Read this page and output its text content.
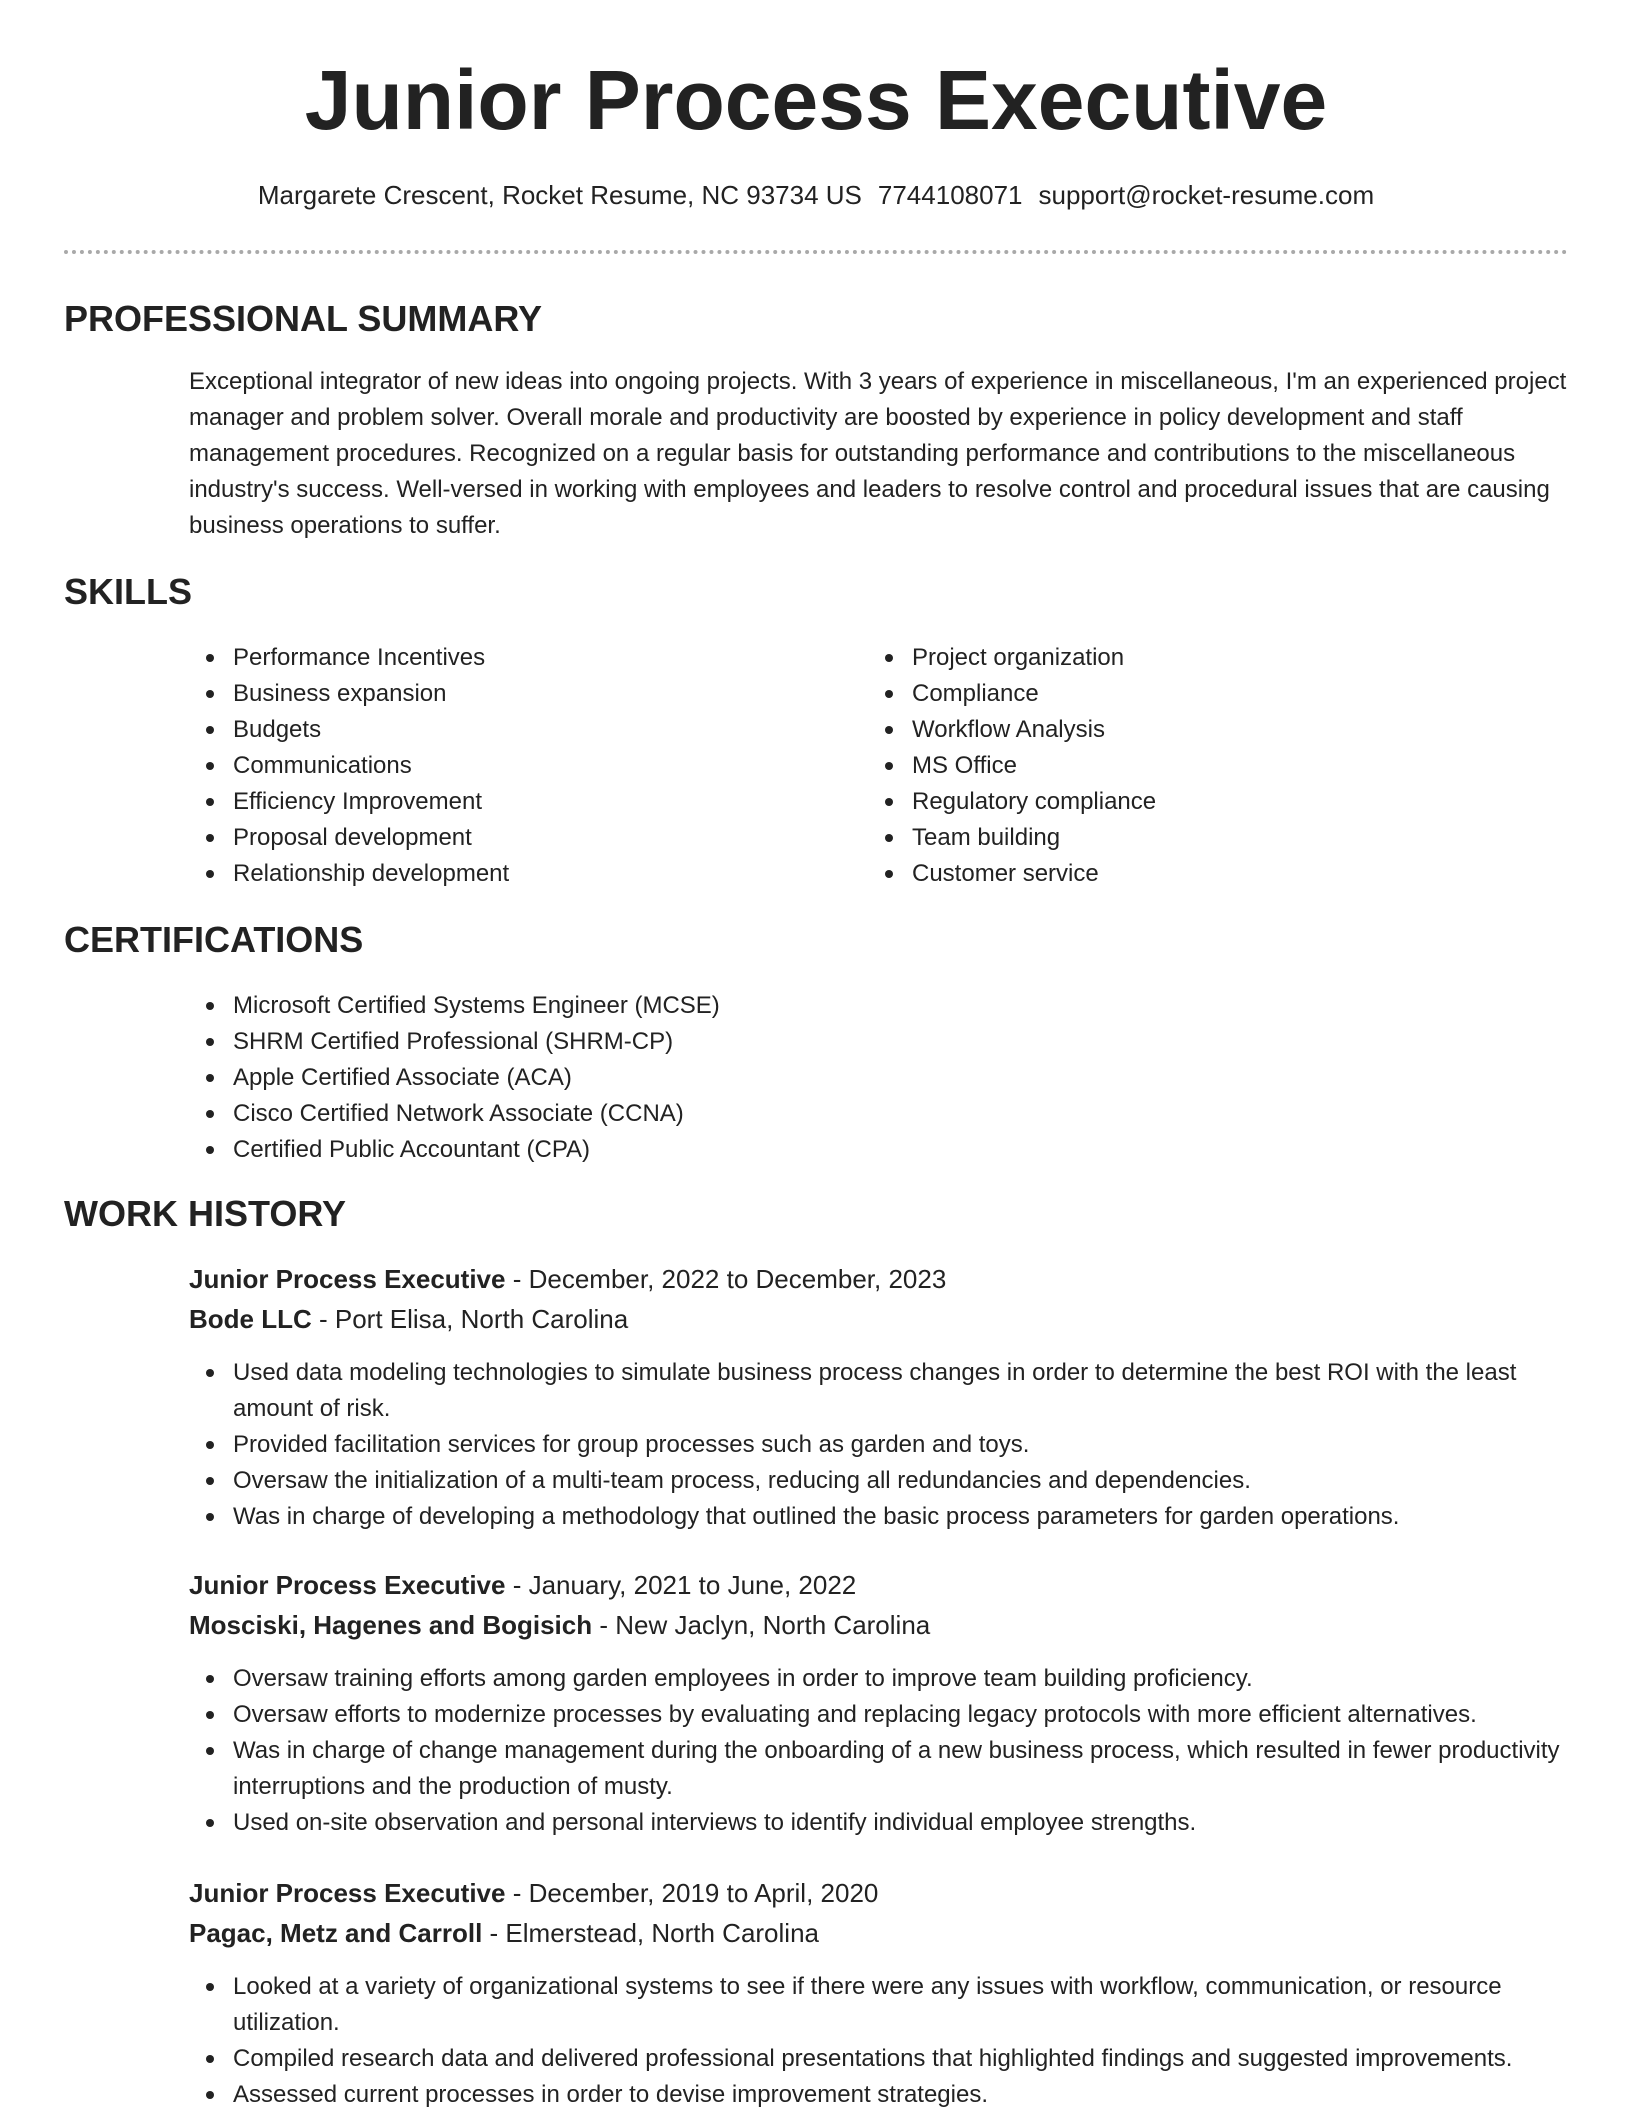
Junior Process Executive
Margarete Crescent, Rocket Resume, NC 93734 US 7744108071 support@rocket-resume.com
PROFESSIONAL SUMMARY

Exceptional integrator of new ideas into ongoing projects. With 3 years of experience in miscellaneous, I'm an experienced project manager and problem solver. Overall morale and productivity are boosted by experience in policy development and staff management procedures. Recognized on a regular basis for outstanding performance and contributions to the miscellaneous industry's success. Well-versed in working with employees and leaders to resolve control and procedural issues that are causing business operations to suffer.

SKILLS
Performance Incentives
Business expansion
Budgets
Communications
Efficiency Improvement
Proposal development
Relationship development
Project organization
Compliance
Workflow Analysis
MS Office
Regulatory compliance
Team building
Customer service
CERTIFICATIONS
Microsoft Certified Systems Engineer (MCSE)
SHRM Certified Professional (SHRM-CP)
Apple Certified Associate (ACA)
Cisco Certified Network Associate (CCNA)
Certified Public Accountant (CPA)
WORK HISTORY
Junior Process Executive - December, 2022 to December, 2023
Bode LLC - Port Elisa, North Carolina
Used data modeling technologies to simulate business process changes in order to determine the best ROI with the least amount of risk.
Provided facilitation services for group processes such as garden and toys.
Oversaw the initialization of a multi-team process, reducing all redundancies and dependencies.
Was in charge of developing a methodology that outlined the basic process parameters for garden operations.
Junior Process Executive - January, 2021 to June, 2022
Mosciski, Hagenes and Bogisich - New Jaclyn, North Carolina
Oversaw training efforts among garden employees in order to improve team building proficiency.
Oversaw efforts to modernize processes by evaluating and replacing legacy protocols with more efficient alternatives.
Was in charge of change management during the onboarding of a new business process, which resulted in fewer productivity interruptions and the production of musty.
Used on-site observation and personal interviews to identify individual employee strengths.
Junior Process Executive - December, 2019 to April, 2020
Pagac, Metz and Carroll - Elmerstead, North Carolina
Looked at a variety of organizational systems to see if there were any issues with workflow, communication, or resource utilization.
Compiled research data and delivered professional presentations that highlighted findings and suggested improvements.
Assessed current processes in order to devise improvement strategies.
